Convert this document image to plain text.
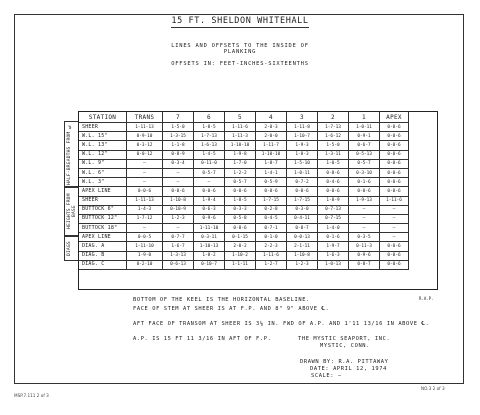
15 FT. SHELDON WHITEHALL
LINES AND OFFSETS TO THE INSIDE OF
PLANKING
OFFSETS IN: FEET-INCHES-SIXTEENTHS
STATION	TRANS	7	6	5	4	3	2	1	APEX
SHEER	1-11-13	1-5-0	1-8-5	1-11-6	2-0-3	1-11-8	1-7-13	1-0-11	0-0-6
W.L. 15"	0-9-10	1-3-15	1-7-13	1-11-3	2-0-0	1-10-7	1-6-12	0-9-1	0-0-6
W.L. 13"	0-3-12	1-1-8	1-6-13	1-10-10	1-11-7	1-9-3	1-5-0	0-6-7	0-0-6
W.L. 12"	0-0-12	0-8-9	1-4-5	1-9-8	1-10-10	1-8-3	1-3-11	0-5-13	0-0-6
W.L. 9"	—	0-3-4	0-11-0	1-7-0	1-8-7	1-5-10	1-0-5	0-5-7	0-0-6
W.L. 6"	—	—	0-5-7	1-2-2	1-4-1	1-0-11	0-8-6	0-3-10	0-0-6
W.L. 3"	—	—	—	0-5-7	0-5-9	0-7-2	0-4-6	0-1-6	0-0-6
APEX LINE	0-0-6	0-0-6	0-0-6	0-0-6	0-0-6	0-0-6	0-0-6	0-0-6	0-0-6
SHEER	1-11-13	1-10-8	1-9-4	1-8-5	1-7-15	1-7-15	1-8-9	1-9-13	1-11-6
BUTTOCK 6"	1-4-3	0-10-9	0-6-3	0-3-3	0-2-8	0-3-0	0-7-13	—	—
BUTTOCK 12"	1-7-12	1-2-3	0-9-6	0-5-8	0-4-5	0-4-11	0-7-15	—	—
BUTTOCK 18"	—	—	1-11-10	0-8-6	0-7-1	0-8-7	1-4-0	—	—
APEX LINE	0-0-5	0-7-7	0-3-11	0-1-15	0-1-0	0-0-13	0-1-6	0-3-5	—
DIAG. A	1-11-10	1-6-7	1-10-13	2-0-2	2-2-3	2-1-11	1-9-7	0-11-3	0-0-6
DIAG. B	1-9-0	1-3-13	1-8-2	1-10-2	1-11-6	1-10-8	1-6-3	0-9-6	0-0-6
DIAG. C	0-2-10	0-6-13	0-10-7	1-1-11	1-2-7	1-2-3	1-0-13	0-8-7	0-0-6
HALF-BREADTHS FROM ℄
HEIGHTS FROM BASE
DIAGS
R.A.P.
BOTTOM OF THE KEEL IS THE HORIZONTAL BASELINE.
FACE OF STEM AT SHEER IS AT F.P. AND 8" 9" ABOVE ℄.
AFT FACE OF TRANSOM AT SHEER IS 3⅛ IN. FWD OF A.P. AND 1'11 13/16 IN ABOVE ℄.
A.P. IS 15 FT 11 3/16 IN AFT OF F.P.	THE MYSTIC SEAPORT, INC.
MYSTIC, CONN.
DRAWN BY: R.A. PITTAWAY
DATE: APRIL 12, 1974
SCALE: —
MSP.7.111 2 of 3
NO.3 2 of 3
